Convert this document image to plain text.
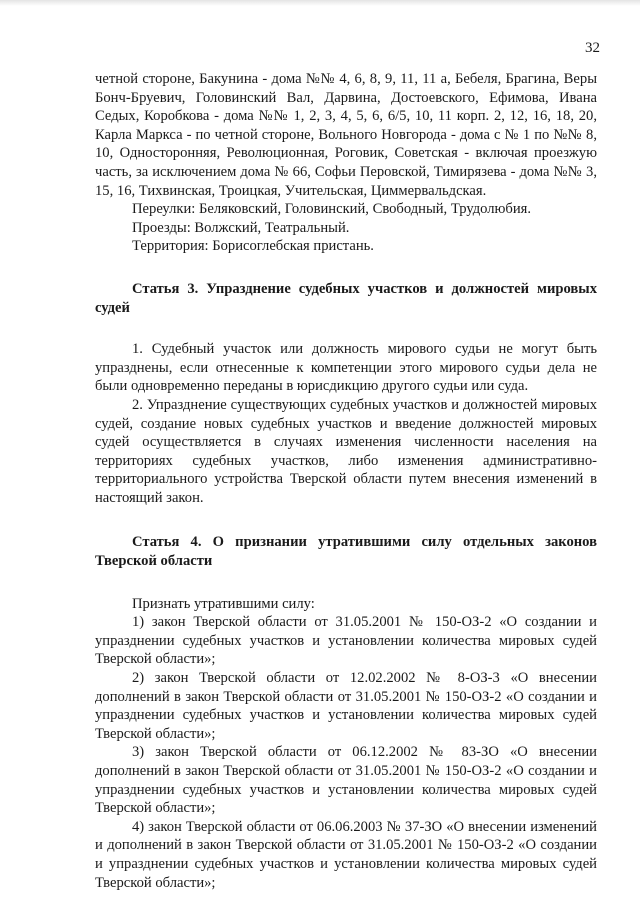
32

четной стороне, Бакунина - дома №№ 4, 6, 8, 9, 11, 11 а, Бебеля, Брагина, Веры Бонч-Бруевич, Головинский Вал, Дарвина, Достоевского, Ефимова, Ивана Седых, Коробкова - дома №№ 1, 2, 3, 4, 5, 6, 6/5, 10, 11 корп. 2, 12, 16, 18, 20, Карла Маркса - по четной стороне, Вольного Новгорода - дома с № 1 по №№ 8, 10, Односторонняя, Революционная, Роговик, Советская - включая проезжую часть, за исключением дома № 66, Софьи Перовской, Тимирязева - дома №№ 3, 15, 16, Тихвинская, Троицкая, Учительская, Циммервальдская.

Переулки: Беляковский, Головинский, Свободный, Трудолюбия.

Проезды: Волжский, Театральный.

Территория: Борисоглебская пристань.

Статья 3. Упразднение судебных участков и должностей мировых судей

1. Судебный участок или должность мирового судьи не могут быть упразднены, если отнесенные к компетенции этого мирового судьи дела не были одновременно переданы в юрисдикцию другого судьи или суда.

2. Упразднение существующих судебных участков и должностей мировых судей, создание новых судебных участков и введение должностей мировых судей осуществляется в случаях изменения численности населения на территориях судебных участков, либо изменения административно-территориального устройства Тверской области путем внесения изменений в настоящий закон.

Статья 4. О признании утратившими силу отдельных законов Тверской области

Признать утратившими силу:

1) закон Тверской области от 31.05.2001 № 150-ОЗ-2 «О создании и упразднении судебных участков и установлении количества мировых судей Тверской области»;

2) закон Тверской области от 12.02.2002 № 8-ОЗ-3 «О внесении дополнений в закон Тверской области от 31.05.2001 № 150-ОЗ-2 «О создании и упразднении судебных участков и установлении количества мировых судей Тверской области»;

3) закон Тверской области от 06.12.2002 № 83-ЗО «О внесении дополнений в закон Тверской области от 31.05.2001 № 150-ОЗ-2 «О создании и упразднении судебных участков и установлении количества мировых судей Тверской области»;

4) закон Тверской области от 06.06.2003 № 37-ЗО «О внесении изменений и дополнений в закон Тверской области от 31.05.2001 № 150-ОЗ-2 «О создании и упразднении судебных участков и установлении количества мировых судей Тверской области»;
